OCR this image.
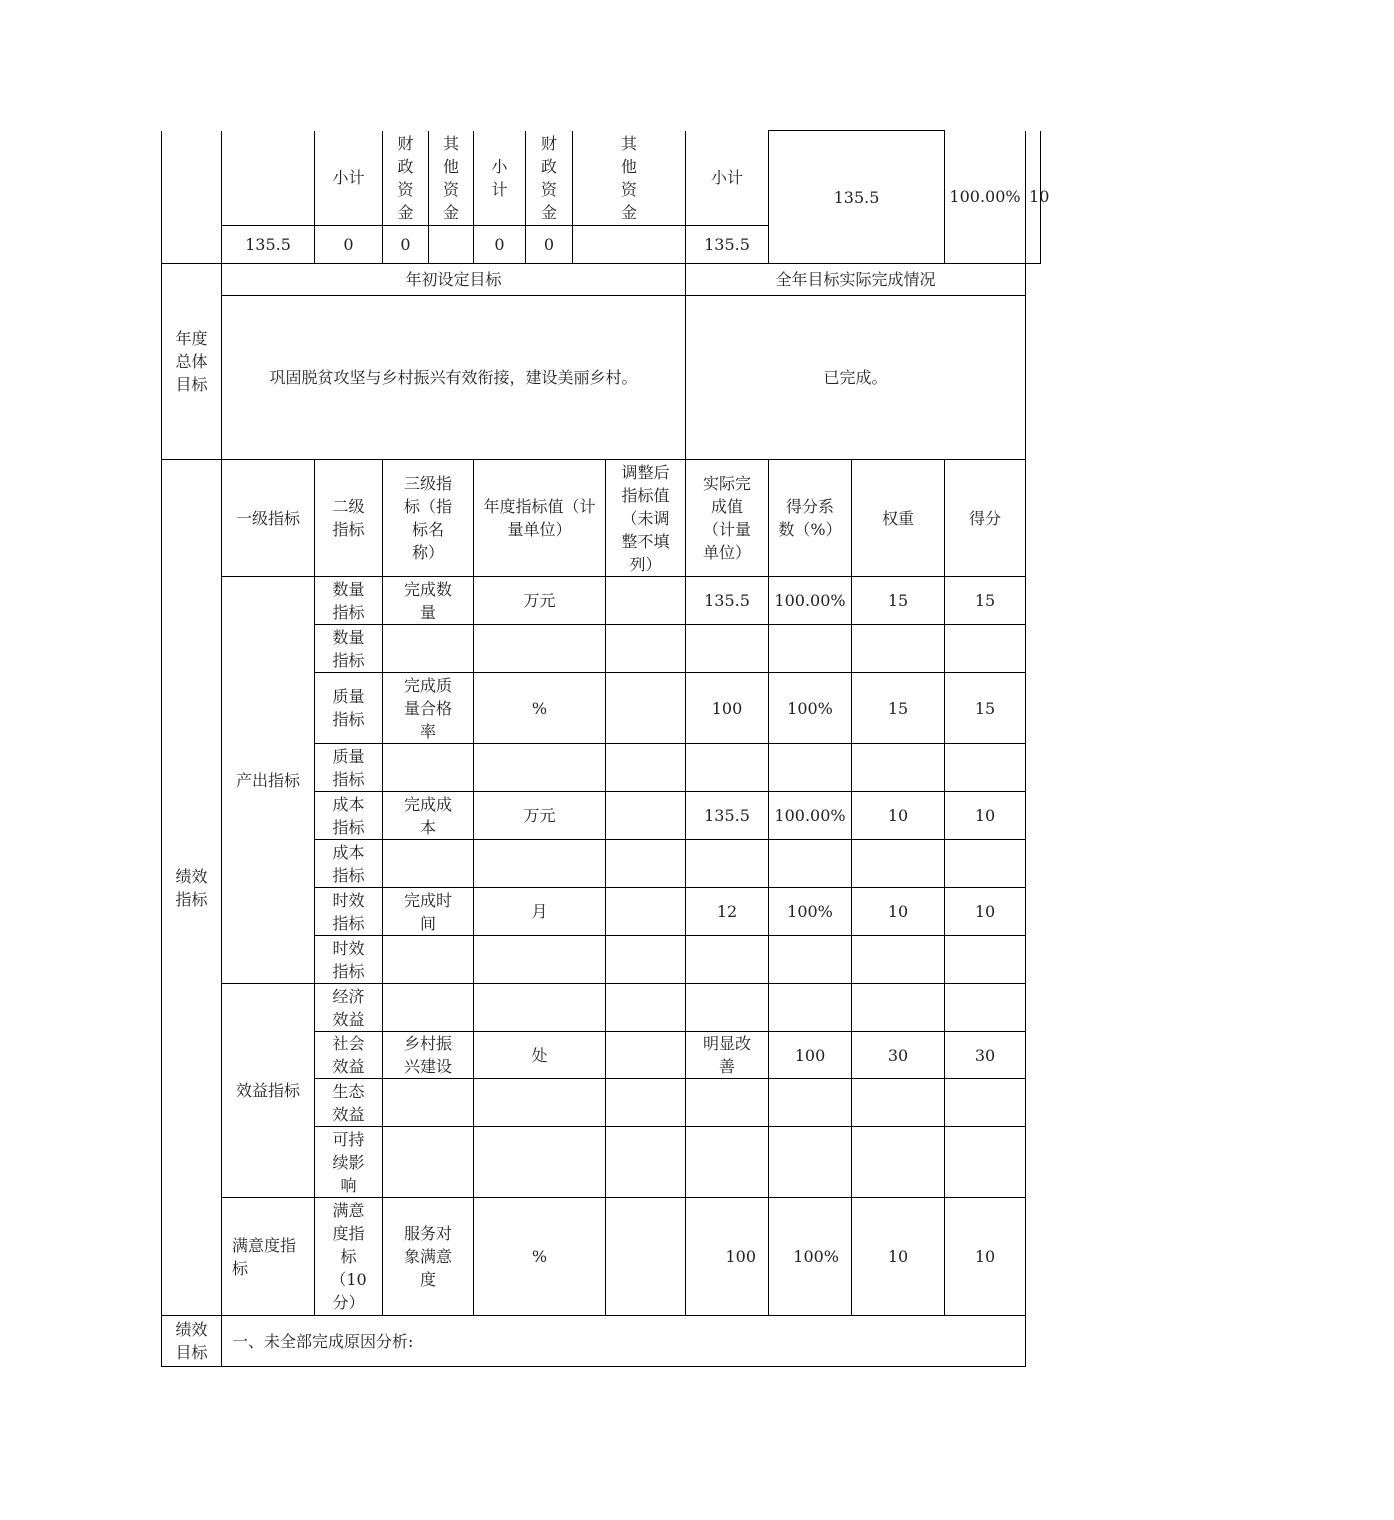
		小计	财
政
资
金	其
他
资
金	小
计	财
政
资
金	其
他
资
金		小计	135.5		100.00%	10
	135.5	0	0		0	0			135.5				
年度
总体
目标	年初设定目标								全年目标实际完成情况				
	巩固脱贫攻坚与乡村振兴有效衔接，建设美丽乡村。								已完成。				
绩效
指标	一级指标	二级
指标	三级指
标（指
标名
称）		年度指标值（计
量单位）			调整后
指标值
（未调
整不填
列）	实际完
成值
（计量
单位）	得分系
数（%）	权重	得分	
	产出指标	数量
指标	完成数
量		万元				135.5	100.00%	15	15	
		数量
指标											
		质量
指标	完成质
量合格
率		%				100	100%	15	15	
		质量
指标											
		成本
指标	完成成
本		万元				135.5	100.00%	10	10	
		成本
指标											
		时效
指标	完成时
间		月				12	100%	10	10	
		时效
指标											
	效益指标	经济
效益											
		社会
效益	乡村振
兴建设		处				明显改
善	100	30	30	
		生态
效益											
		可持
续影
响											
	满意度指
标	满意
度指
标
（10
分）	服务对
象满意
度		%				100	100%	10	10	
绩效
目标	一、未全部完成原因分析:												
